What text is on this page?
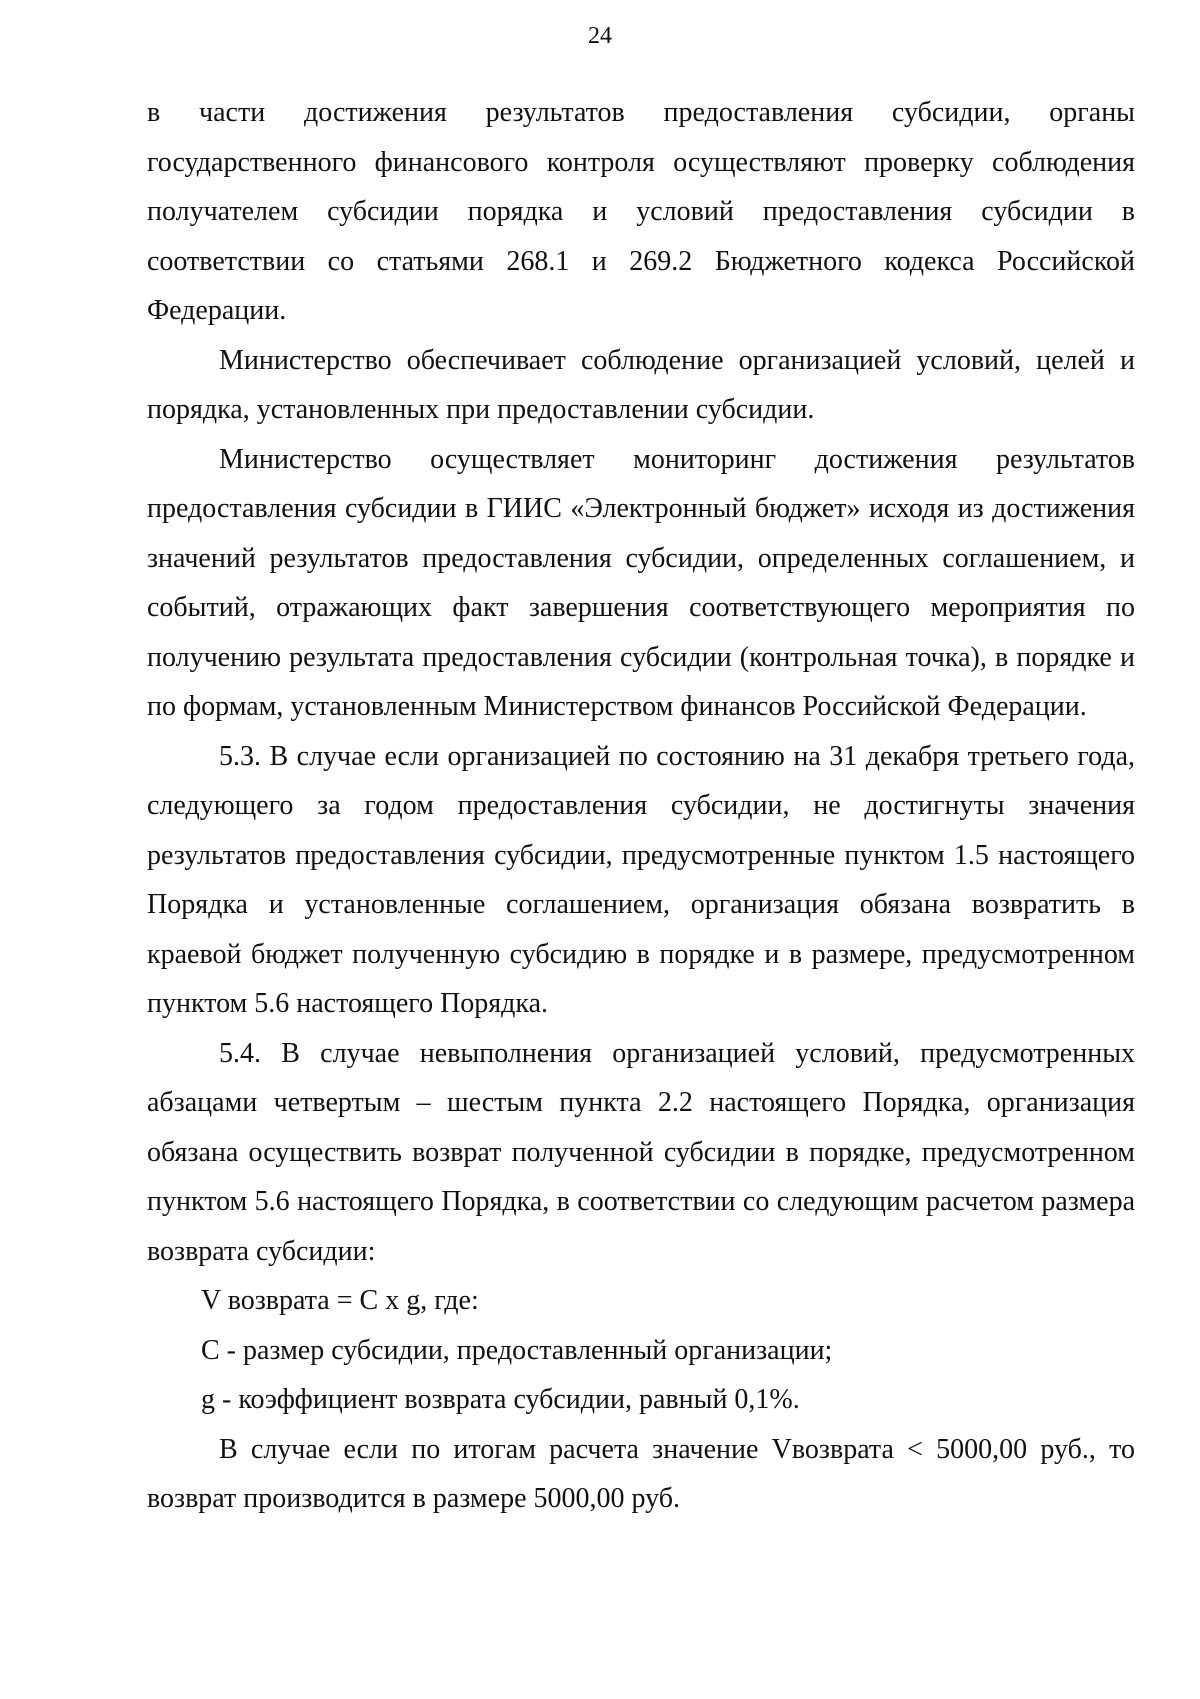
24

в части достижения результатов предоставления субсидии, органы государственного финансового контроля осуществляют проверку соблюдения получателем субсидии порядка и условий предоставления субсидии в соответствии со статьями 268.1 и 269.2 Бюджетного кодекса Российской Федерации.

Министерство обеспечивает соблюдение организацией условий, целей и порядка, установленных при предоставлении субсидии.

Министерство осуществляет мониторинг достижения результатов предоставления субсидии в ГИИС «Электронный бюджет» исходя из достижения значений результатов предоставления субсидии, определенных соглашением, и событий, отражающих факт завершения соответствующего мероприятия по получению результата предоставления субсидии (контрольная точка), в порядке и по формам, установленным Министерством финансов Российской Федерации.

5.3. В случае если организацией по состоянию на 31 декабря третьего года, следующего за годом предоставления субсидии, не достигнуты значения результатов предоставления субсидии, предусмотренные пунктом 1.5 настоящего Порядка и установленные соглашением, организация обязана возвратить в краевой бюджет полученную субсидию в порядке и в размере, предусмотренном пунктом 5.6 настоящего Порядка.

5.4. В случае невыполнения организацией условий, предусмотренных абзацами четвертым – шестым пункта 2.2 настоящего Порядка, организация обязана осуществить возврат полученной субсидии в порядке, предусмотренном пунктом 5.6 настоящего Порядка, в соответствии со следующим расчетом размера возврата субсидии:

V возврата = C x g, где:

C - размер субсидии, предоставленный организации;

g - коэффициент возврата субсидии, равный 0,1%.

В случае если по итогам расчета значение Vвозврата < 5000,00 руб., то возврат производится в размере 5000,00 руб.
